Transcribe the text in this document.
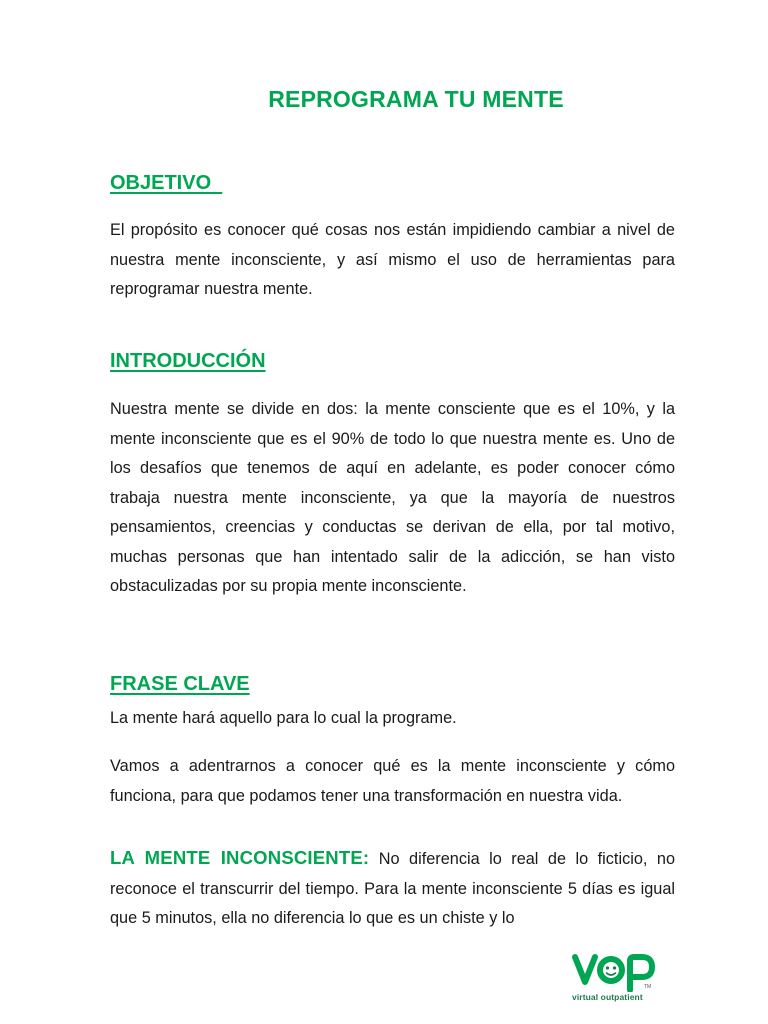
REPROGRAMA TU MENTE
OBJETIVO

El propósito es conocer qué cosas nos están impidiendo cambiar a nivel de nuestra mente inconsciente, y así mismo el uso de herramientas para reprogramar nuestra mente.

INTRODUCCIÓN

Nuestra mente se divide en dos: la mente consciente que es el 10%, y la mente inconsciente que es el 90% de todo lo que nuestra mente es. Uno de los desafíos que tenemos de aquí en adelante, es poder conocer cómo trabaja nuestra mente inconsciente, ya que la mayoría de nuestros pensamientos, creencias y conductas se derivan de ella, por tal motivo, muchas personas que han intentado salir de la adicción, se han visto obstaculizadas por su propia mente inconsciente.

FRASE CLAVE

La mente hará aquello para lo cual la programe.

Vamos a adentrarnos a conocer qué es la mente inconsciente y cómo funciona, para que podamos tener una transformación en nuestra vida.

LA MENTE INCONSCIENTE: No diferencia lo real de lo ficticio, no reconoce el transcurrir del tiempo. Para la mente inconsciente 5 días es igual que 5 minutos, ella no diferencia lo que es un chiste y lo

TM
virtual outpatient
